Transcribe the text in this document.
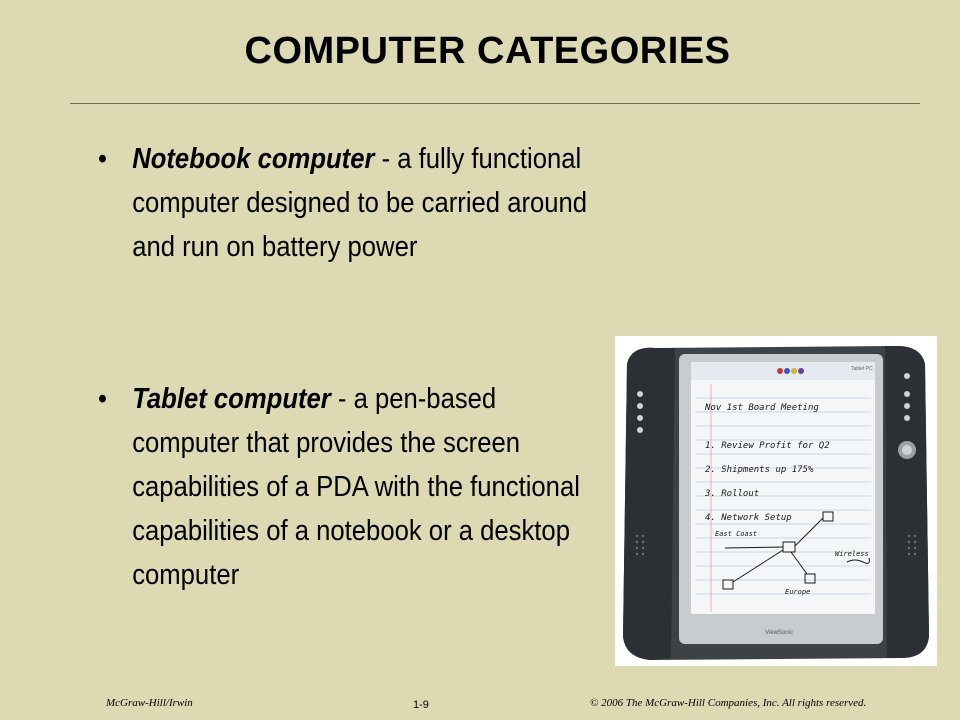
COMPUTER CATEGORIES
• Notebook computer - a fully functional computer designed to be carried around and run on battery power
• Tablet computer - a pen-based computer that provides the screen capabilities of a PDA with the functional capabilities of a notebook or a desktop computer
Tablet PC
Nov 1st Board Meeting
1. Review Profit for Q2
2. Shipments up 175%
3. Rollout
4. Network Setup
East Coast
Wireless
Europe
ViewSonic
McGraw-Hill/Irwin	1-9	© 2006 The McGraw-Hill Companies, Inc. All rights reserved.
